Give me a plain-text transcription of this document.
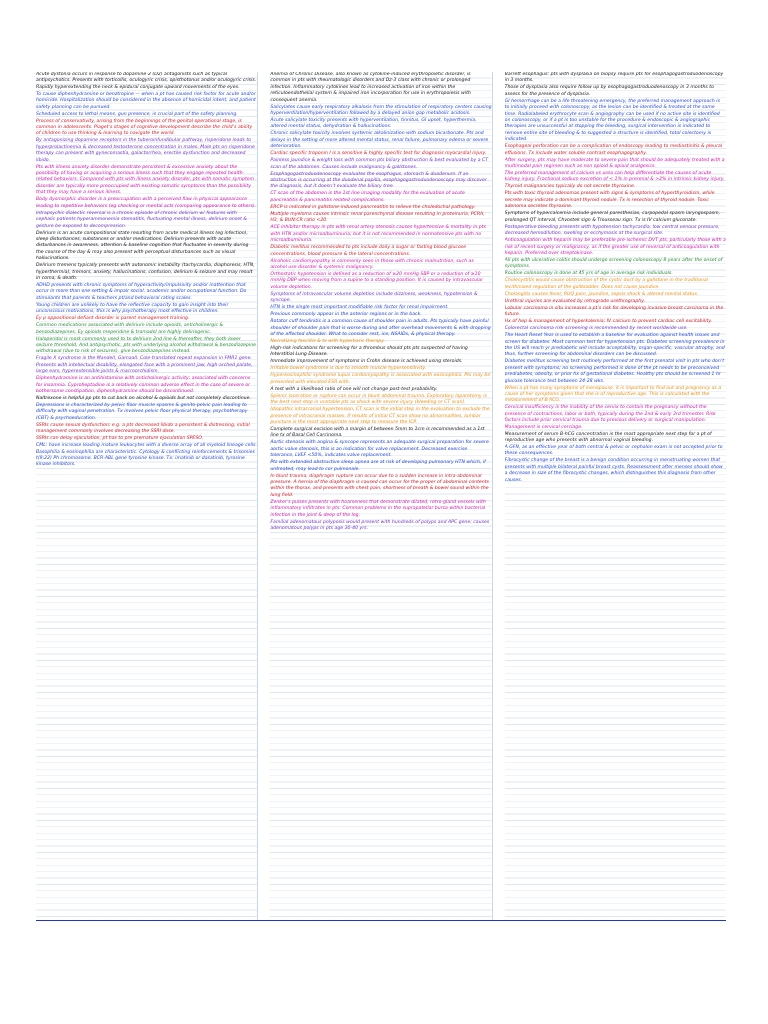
Acute dystonia occurs in response to dopamine-2 (D2) antagonists such as typical antipsychotics. Presents with torticollis, oculogyric crisis, opisthotonus and/or oculogyric crisis. Rapidly hyperextending the neck & epidural conjugate upward movements of the eyes.

To cause diphenhydramine or benztropine — when a pt has caused risk factor for acute and/or homicide. Hospitalization should be considered in the absence of homicidal intent, and patient safety planning can be pursued.

Scheduled access to lethal means, gun presence, is crucial part of the safety planning.

Process of conservativity, arising from the beginnings of the genital operational stage, is common in adolescents. Piaget’s stages of cognitive development describe the child’s ability of children to use thinking & learning to navigate the world.

By antagonizing dopamine receptors in the tuberoinfundibular pathway, risperidone leads to hyperprolactinemia & decreased testosterone concentration in males. Male pts on risperidone therapy can present with gynecomastia, galactorrhea, erectile dysfunction and decreased libido.

Pts with illness anxiety disorder demonstrate persistent & excessive anxiety about the possibility of having or acquiring a serious illness such that they engage repeated health-related behaviors. Compared with pts with illness anxiety disorder, pts with somatic symptom disorder are typically more preoccupied with existing somatic symptoms than the possibility that they may have a serious illness.

Body dysmorphic disorder is a preoccupation with a perceived flaw in physical appearance leading to repetitive behaviors (eg checking or mental acts (comparing appearance to others).

Intrapsychic dialectic reversal is a chronic episode of chronic delirium w/ features with cephalic patients hyperammonemia stomatitis, fluctuating mental illness, delirium onset & gesture be exposed to decompression.

Delirium is an acute compositional state resulting from acute medical illness (eg infection), sleep disturbances, substances or and/or medications. Delirium presents with acute disturbances in awareness, attention & baseline cognition that fluctuates in severity during the course of the day & may also present with perceptual disturbances such as visual hallucinations.

Delirium tremens typically presents with autonomic instability (tachycardia, diaphoresis, HTN, hyperthermia), tremors, anxiety, hallucinations, confusion, delirium & seizure and may result in coma, & death.

ADHD presents with chronic symptoms of hyperactivity/impulsivity and/or inattention that occur in more than one setting & impair social, academic and/or occupational function. Do stimulants that parents & teachers pt/and behavioral rating scales.

Young children are unlikely to have the reflective capacity to gain insight into their unconscious motivations, this is why psychotherapy most effective in children.

Ey p oppositional defiant disorder is parent management training.

Common medications associated with delirium include opioids, anticholinergic & benzodiazepines. Ey opioids meperidine & tramadol are highly deliriogenic.

Haloperidol is most commonly used to tx delirium 2nd line & thereafter, they both lower seizure threshold. And antipsychotic, pts with underlying alcohol withdrawal & benzodiazepine withdrawal (due to risk of seizures), give benzodiazepines instead.

Fragile X syndrome is the Mandell, Gamaall. Cole-translated repeat expansion in FMR1 gene. Presents with intellectual disability, elongated face with a prominent jaw, high-arched palate, large ears, hyperextensible joints & macroorchidism.

Diphenhydramine is an antihistamine with anticholinergic activity; associated with concerns for insomnia. Cyproheptadine is a relatively common adverse effect in the case of severe or bothersome constipation, diphenhydramine should be discontinued.

Naltrexone is helpful pp pts to cut back on alcohol & opioids but not completely discontinue.

Depressions is characterized by pelvic floor muscle spasms & genito-pelvic pain leading to difficulty with vaginal penetration. Tx involves pelvic floor physical therapy, psychotherapy (CBT) & psychoeducation.

SSRIs cause sexual dysfunction; e.g. a pts decreased libido a persistent & distressing, initial management commonly involves decreasing the SSRI dose.

SSRIs can delay ejaculation, pt has to pre premature ejaculation SPESO.

CML: have increase leading mature leukocytes with a diverse array of all myeloid lineage cells. Basophilia & eosinophilia are characteristic. Cytology & conflicting reinforcements & trisomies t(9;22) Ph chromosome, BCR-ABL gene tyrosine kinase. Tx: imatinib or dasatinib, tyrosine kinase inhibitors.

Anemia of Chronic Disease, also known as cytokine-induced erythropoietic disorder, is common in pts with rheumatologic disorders and Dz-3 class with chronic or prolonged infection. Inflammatory cytokines lead to increased activation of iron within the reticuloendothelial system & impaired iron incorporation for use in erythropoiesis with consequent anemia.

Salicylates cause early respiratory alkalosis from the stimulation of respiratory centers causing hyperventilation/hyperventilation followed by a delayed anion gap metabolic acidosis.

Acute salicylate toxicity presents with hyperventilation, tinnitus, GI upset, hyperthermia, altered mental status, dehydration & hallucinations.

Chronic salicylate toxicity involves systemic alkalinization with sodium bicarbonate. Pts and delays in the setting of more altered mental status, renal failure, pulmonary edema or severe deterioration.

Cardiac specific troponin I is a sensitive & highly specific test for diagnosis myocardial injury.

Painless jaundice & weight loss with common pts biliary obstruction & best evaluated by a CT scan of the abdomen. Causes include malignancy & gallstones.

Esophagogastroduodenoscopy evaluates the esophagus, stomach & duodenum. If an obstruction is occurring at the duodenal papilla, esophagogastroduodenoscopy may discover the diagnosis, but it doesn’t evaluate the biliary tree.

CT scan of the abdomen is the 1st line imaging modality for the evaluation of acute pancreatitis & pancreatitis related complications.

ERCP is indicated in gallstone-induced pancreatitis to relieve the choledochal pathology.

Multiple myeloma causes intrinsic renal parenchymal disease resulting in proteinuria, PCRA, H3, & BUN:CR ratio <20.

ACE inhibitor therapy in pts with renal artery stenosis causes hypertensive & mortality in pts with HTN and/or microalbuminuria; but it is not recommended in normotensive pts with no microalbuminuria.

Diabetic mellitus recommended to pts include daily a sugar or fasting blood glucose concentrations, blood pressure & the lateral concentrations.

Alcoholic cardiomyopathy is commonly seen in those with chronic malnutrition, such as alcohol use disorder & systemic malignancy.

Orthostatic hypotension is defined as a reduction of ≥20 mmHg SBP or a reduction of ≥10 mmHg DBP when moving from a supine to a standing position. It is caused by intravascular volume depletion.

Symptoms of intravascular volume depletion include dizziness, weakness, hypotension & syncope.

HTN is the single most important modifiable risk factor for renal impairment.

Previous commonly appear in the anterior regions or in the back.

Rotator cuff tendinitis is a common cause of shoulder pain in adults. Pts typically have painful shoulder of shoulder pain that is worse during and after overhead movements & with dropping of the affected shoulder. What to consider rest, ice, NSAIDs, & physical therapy.

Necrotizing fasciitis & tx with hyperbaric therapy.

High-risk indications for screening for a thrombus should pts pts suspected of having Interstitial Lung Disease.

Immediate improvement of symptoms in Crohn disease is achieved using steroids.

Irritable bowel syndrome is due to smooth muscle hypersensitivity.

Hypereosinophilic syndrome lupus cardiomyopathy is associated with eosinophilia. Pts may be presented with elevated ESR with.

A test with a likelihood ratio of one will not change post-test probability.

Splenic laceration or rupture can occur in blunt abdominal trauma. Exploratory laparotomy is the best next step in unstable pts as shock with severe injury (bleeding or CT scan).

Idiopathic intracranial hypertension, CT scan is the initial step in the evaluation to exclude the presence of intracranial masses. If results of initial CT scan show no abnormalities, lumbar puncture is the most appropriate next step to measure the ICP.

Complete surgical excision with a margin of between 5mm to 1cm is recommended as a 1st line tx of Basal Cell Carcinoma.

Aortic stenosis with angina & syncope represents an adequate surgical preparation for severe aortic valve stenosis, this is an indication for valve replacement. Decreased exercise tolerance, LVEF <50%, indicates valve replacement.

Pts with extended obstructive sleep apnea are at risk of developing pulmonary HTN which, if untreated, may lead to cor pulmonale.

In blunt trauma, diaphragm rupture can occur due to a sudden increase in intra-abdominal pressure. A hernia of the diaphragm is caused can occur for the proper of abdominal contents within the thorax, and presents with chest pain, shortness of breath & bowel sound within the lung field.

Zenker’s pulses presents with hoarseness that demonstrate dilated, retro-gland vessels with inflammatory infiltrates in pts. Common problems in the suprapatellar bursa within bacterial infection in the joint & deep of the leg.

Familial adenomatous polyposis would present with hundreds of polyps and APC gene; causes adenomatous polyps in pts age 30-40 yrs.

Barrett esophagus: pts with dysplasia on biopsy require pts for esophagogastroduodenoscopy in 3 months.

Those of dysplasia also require follow up by esophagogastroduodenoscopy in 3 months to assess for the presence of dysplasia.

GI hemorrhage can be a life threatening emergency, the preferred management approach is to initially proceed with colonoscopy, as the lesion can be identified & treated at the same time. Radiolabeled erythrocyte scan & angiography can be used if no active site is identified on colonoscopy, or if a pt is too unstable for the procedure & endoscopic & angiographic therapies are unsuccessful at stopping the bleeding, surgical intervention is indicated to remove entire site of bleeding & to suggested a structure is identified, total colectomy is indicated.

Esophageal perforation can be a complication of endoscopy leading to mediastinitis & pleural effusions. Tx include water soluble contrast esophagography.

After surgery, pts may have moderate to severe pain that should be adequately treated with a multimodal pain regimen such as non opioid & opioid analgesics.

The preferred management of calcium vs urea can help differentiate the causes of acute kidney injury. Fractional sodium excretion of < 1% in prerenal & >2% in intrinsic kidney injury.

Thyroid malignancies typically do not secrete thyroxine.

Pts with toxic thyroid adenomas present with signs & symptoms of hyperthyroidism, while secrete may indicate a dominant thyroid nodule. Tx is resection of thyroid nodule. Toxic adenoma secretes thyroxine.

Symptoms of hypercalcemia include general paresthesias, carpopedal spasm laryngospasm, prolonged QT interval, Chvostek sign & Trousseau sign. Tx is IV calcium gluconate.

Postoperative bleeding presents with hypotension tachycardia, low central venous pressure, decreased hemodilution, swelling or ecchymosis at the surgical site.

Anticoagulation with heparin may be preferable pre-ischemic DVT pts, particularly those with a risk of recent surgery or malignancy, as if the greater use of reversal of anticoagulation with heparin. Preferred over streptokinase.

All pts with ulcerative colitis should undergo screening colonoscopy 8 years after the onset of symptoms.

Routine colonoscopy is done at 45 yrs of age in average risk individuals.

Cholecystitis would cause obstruction of the cystic duct by a gallstone in the traditional lecithinized regulation of the gallbladder. Does not cause jaundice.

Cholangitis causes fever, RUQ pain, jaundice, sepsis shock & altered mental status.

Urethral injuries are evaluated by retrograde urethrography.

Lobular carcinoma in situ increases a pt’s risk for developing invasive breast carcinoma in the future.

Hx of hep & management of hyperkalemia; IV calcium to prevent cardiac cell excitability.

Colorectal carcinoma risk screening is recommended by recent worldwide use.

The Heart Reset Year is used to establish a baseline for evaluation against health issues and screen for diabetes. Most common test for hypertension pts. Diabetes screening prevalence in the US will reach yr prediabetic will include acceptability, organ-specific, vascular atrophy, and thus, further screening for abdominal disorders can be discussed.

Diabetes mellitus screening test routinely performed at the first prenatal visit in pts who don’t present with symptoms; no screening performed is done of the pt needs to be preconceived prediabetes, obesity, or prior hx of gestational diabetes. Healthy pts should be screened 1 hr glucose tolerance test between 24-28 wks.

When a pt has many symptoms of menopause, it is important to find out and pregnancy as a cause of her symptoms given that she is of reproductive age. This is calculated with the measurement of B-hCG.

Cervical insufficiency is the inability of the cervix to contain the pregnancy without the presence of contractions, labor or both, typically during the 2nd & early 3rd trimester. Risk factors include prior cervical trauma due to previous delivery or surgical manipulation. Management is cervical cerclage.

Measurement of serum B-hCG concentration is the most appropriate next step for a pt of reproductive age who presents with abnormal vaginal bleeding.

A GFN, as an effective year of both central & pelvic or cephalon exam is not accepted prior to these consequences.

Fibrocystic change of the breast is a benign condition occurring in menstruating women that presents with multiple bilateral painful breast cysts. Reassessment after menses should show a decrease in size of the fibrocystic changes, which distinguishes this diagnosis from other causes.
